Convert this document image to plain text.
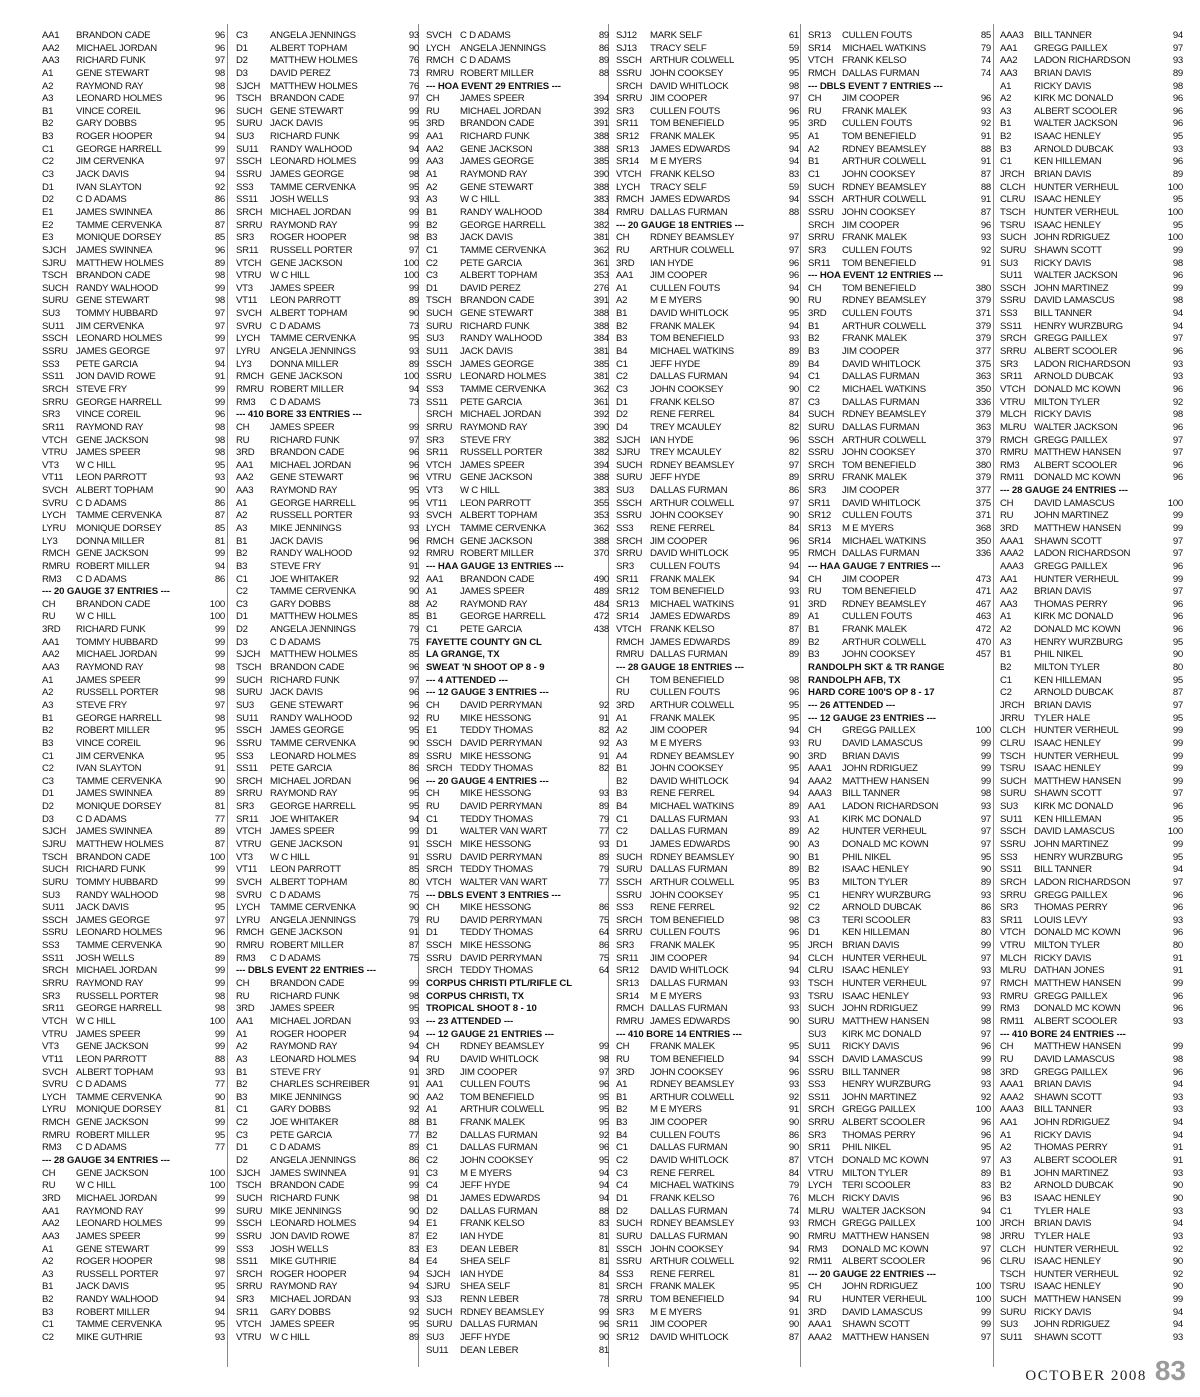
AA1	BRANDON CADE	96
AA2	MICHAEL JORDAN	96
AA3	RICHARD FUNK	97
A1	GENE STEWART	98
A2	RAYMOND RAY	98
A3	LEONARD HOLMES	96
B1	VINCE COREIL	96
B2	GARY DOBBS	95
B3	ROGER HOOPER	94
C1	GEORGE HARRELL	99
C2	JIM CERVENKA	97
C3	JACK DAVIS	94
D1	IVAN SLAYTON	92
D2	C D ADAMS	86
E1	JAMES SWINNEA	86
E2	TAMME CERVENKA	87
E3	MONIQUE DORSEY	85
SJCH	JAMES SWINNEA	96
SJRU	MATTHEW HOLMES	89
TSCH BRANDON CADE	98
SUCH RANDY WALHOOD	99
SURU GENE STEWART	98
SU3	TOMMY HUBBARD	97
SU11	JIM CERVENKA	97
SSCH LEONARD HOLMES	99
SSRU JAMES GEORGE	97
SS3	PETE GARCIA	94
SS11	JON DAVID ROWE	91
SRCH STEVE FRY	99
SRRU GEORGE HARRELL	99
SR3	VINCE COREIL	96
SR11	RAYMOND RAY	98
VTCH GENE JACKSON	98
VTRU JAMES SPEER	98
VT3	W C HILL	95
VT11	LEON PARROTT	93
SVCH ALBERT TOPHAM	90
SVRU C D ADAMS	86
LYCH	TAMME CERVENKA	87
LYRU	MONIQUE DORSEY	85
LY3	DONNA MILLER	81
RMCH GENE JACKSON	99
RMRU ROBERT MILLER	94
RM3	C D ADAMS	86
--- 20 GAUGE 37 ENTRIES ---
CH	BRANDON CADE	100
RU	W C HILL	100
3RD	RICHARD FUNK	99
AA1	TOMMY HUBBARD	99
AA2	MICHAEL JORDAN	99
AA3	RAYMOND RAY	98
A1	JAMES SPEER	99
A2	RUSSELL PORTER	98
A3	STEVE FRY	97
B1	GEORGE HARRELL	98
B2	ROBERT MILLER	95
B3	VINCE COREIL	96
C1	JIM CERVENKA	95
C2	IVAN SLAYTON	91
C3	TAMME CERVENKA	90
D1	JAMES SWINNEA	89
D2	MONIQUE DORSEY	81
D3	C D ADAMS	77
SJCH	JAMES SWINNEA	89
SJRU	MATTHEW HOLMES	87
TSCH BRANDON CADE	100
SUCH RICHARD FUNK	99
SURU TOMMY HUBBARD	99
SU3	RANDY WALHOOD	98
SU11	JACK DAVIS	95
SSCH JAMES GEORGE	97
SSRU LEONARD HOLMES	96
SS3	TAMME CERVENKA	90
SS11	JOSH WELLS	89
SRCH MICHAEL JORDAN	99
SRRU RAYMOND RAY	99
SR3	RUSSELL PORTER	98
SR11	GEORGE HARRELL	98
VTCH W C HILL	100
VTRU JAMES SPEER	99
VT3	GENE JACKSON	99
VT11	LEON PARROTT	88
SVCH ALBERT TOPHAM	93
SVRU C D ADAMS	77
LYCH	TAMME CERVENKA	90
LYRU	MONIQUE DORSEY	81
RMCH GENE JACKSON	99
RMRU ROBERT MILLER	95
RM3	C D ADAMS	77
--- 28 GAUGE 34 ENTRIES ---
CH	GENE JACKSON	100
RU	W C HILL	100
3RD	MICHAEL JORDAN	99
AA1	RAYMOND RAY	99
AA2	LEONARD HOLMES	99
AA3	JAMES SPEER	99
A1	GENE STEWART	99
A2	ROGER HOOPER	98
A3	RUSSELL PORTER	97
B1	JACK DAVIS	95
B2	RANDY WALHOOD	94
B3	ROBERT MILLER	94
C1	TAMME CERVENKA	95
C2	MIKE GUTHRIE	93
C3	ANGELA JENNINGS	93
D1	ALBERT TOPHAM	90
D2	MATTHEW HOLMES	76
D3	DAVID PEREZ	73
SJCH	MATTHEW HOLMES	76
TSCH BRANDON CADE	97
SUCH GENE STEWART	99
SURU JACK DAVIS	95
SU3	RICHARD FUNK	99
SU11	RANDY WALHOOD	94
SSCH LEONARD HOLMES	99
SSRU JAMES GEORGE	98
SS3	TAMME CERVENKA	95
SS11	JOSH WELLS	93
SRCH MICHAEL JORDAN	99
SRRU RAYMOND RAY	99
SR3	ROGER HOOPER	98
SR11	RUSSELL PORTER	97
VTCH GENE JACKSON	100
VTRU W C HILL	100
VT3	JAMES SPEER	99
VT11	LEON PARROTT	89
SVCH ALBERT TOPHAM	90
SVRU C D ADAMS	73
LYCH	TAMME CERVENKA	95
LYRU	ANGELA JENNINGS	93
LY3	DONNA MILLER	89
RMCH GENE JACKSON	100
RMRU ROBERT MILLER	94
RM3	C D ADAMS	73
--- 410 BORE 33 ENTRIES ---
CH	JAMES SPEER	99
RU	RICHARD FUNK	97
3RD	BRANDON CADE	96
AA1	MICHAEL JORDAN	96
AA2	GENE STEWART	96
AA3	RAYMOND RAY	95
A1	GEORGE HARRELL	95
A2	RUSSELL PORTER	93
A3	MIKE JENNINGS	93
B1	JACK DAVIS	96
B2	RANDY WALHOOD	92
B3	STEVE FRY	91
C1	JOE WHITAKER	92
C2	TAMME CERVENKA	90
C3	GARY DOBBS	88
D1	MATTHEW HOLMES	85
D2	ANGELA JENNINGS	79
D3	C D ADAMS	75
SJCH	MATTHEW HOLMES	85
TSCH BRANDON CADE	96
SUCH RICHARD FUNK	97
SURU JACK DAVIS	96
SU3	GENE STEWART	96
SU11	RANDY WALHOOD	92
SSCH JAMES GEORGE	95
SSRU TAMME CERVENKA	90
SS3	LEONARD HOLMES	89
SS11	PETE GARCIA	86
SRCH MICHAEL JORDAN	96
SRRU RAYMOND RAY	95
SR3	GEORGE HARRELL	95
SR11	JOE WHITAKER	94
VTCH JAMES SPEER	99
VTRU GENE JACKSON	91
VT3	W C HILL	91
VT11	LEON PARROTT	85
SVCH ALBERT TOPHAM	80
SVRU C D ADAMS	75
LYCH	TAMME CERVENKA	90
LYRU	ANGELA JENNINGS	79
RMCH GENE JACKSON	91
RMRU ROBERT MILLER	87
RM3	C D ADAMS	75
--- DBLS EVENT 22 ENTRIES ---
CH	BRANDON CADE	99
RU	RICHARD FUNK	98
3RD	JAMES SPEER	95
AA1	MICHAEL JORDAN	93
A1	ROGER HOOPER	94
A2	RAYMOND RAY	94
A3	LEONARD HOLMES	94
B1	STEVE FRY	91
B2	CHARLES SCHREIBER	91
B3	MIKE JENNINGS	90
C1	GARY DOBBS	92
C2	JOE WHITAKER	88
C3	PETE GARCIA	77
D1	C D ADAMS	89
D2	ANGELA JENNINGS	86
SJCH	JAMES SWINNEA	91
TSCH BRANDON CADE	99
SUCH RICHARD FUNK	98
SURU MIKE JENNINGS	90
SSCH LEONARD HOLMES	94
SSRU JON DAVID ROWE	87
SS3	JOSH WELLS	83
SS11	MIKE GUTHRIE	84
SRCH ROGER HOOPER	94
SRRU RAYMOND RAY	94
SR3	MICHAEL JORDAN	93
SR11	GARY DOBBS	92
VTCH JAMES SPEER	95
VTRU W C HILL	89
SVCH C D ADAMS	89
LYCH	ANGELA JENNINGS	86
RMCH C D ADAMS	89
RMRU ROBERT MILLER	88
--- HOA EVENT 29 ENTRIES ---
CH	JAMES SPEER	394
RU	MICHAEL JORDAN	392
3RD	BRANDON CADE	391
AA1	RICHARD FUNK	388
AA2	GENE JACKSON	388
AA3	JAMES GEORGE	385
A1	RAYMOND RAY	390
A2	GENE STEWART	388
A3	W C HILL	383
B1	RANDY WALHOOD	384
B2	GEORGE HARRELL	382
B3	JACK DAVIS	381
C1	TAMME CERVENKA	362
C2	PETE GARCIA	361
C3	ALBERT TOPHAM	353
D1	DAVID PEREZ	276
TSCH BRANDON CADE	391
SUCH GENE STEWART	388
SURU RICHARD FUNK	388
SU3	RANDY WALHOOD	384
SU11	JACK DAVIS	381
SSCH JAMES GEORGE	385
SSRU LEONARD HOLMES	381
SS3	TAMME CERVENKA	362
SS11	PETE GARCIA	361
SRCH MICHAEL JORDAN	392
SRRU RAYMOND RAY	390
SR3	STEVE FRY	382
SR11	RUSSELL PORTER	382
VTCH JAMES SPEER	394
VTRU GENE JACKSON	388
VT3	W C HILL	383
VT11	LEON PARROTT	355
SVCH ALBERT TOPHAM	353
LYCH	TAMME CERVENKA	362
RMCH GENE JACKSON	388
RMRU ROBERT MILLER	370
--- HAA GAUGE 13 ENTRIES ---
AA1	BRANDON CADE	490
A1	JAMES SPEER	489
A2	RAYMOND RAY	484
B1	GEORGE HARRELL	472
C1	PETE GARCIA	438
FAYETTE COUNTY GN CL
LA GRANGE, TX
SWEAT 'N SHOOT OP 8 - 9
--- 4 ATTENDED ---
--- 12 GAUGE 3 ENTRIES ---
CH	DAVID PERRYMAN	92
RU	MIKE HESSONG	91
E1	TEDDY THOMAS	82
SSCH DAVID PERRYMAN	92
SSRU MIKE HESSONG	91
SRCH TEDDY THOMAS	82
--- 20 GAUGE 4 ENTRIES ---
CH	MIKE HESSONG	93
RU	DAVID PERRYMAN	89
C1	TEDDY THOMAS	79
D1	WALTER VAN WART	77
SSCH MIKE HESSONG	93
SSRU DAVID PERRYMAN	89
SRCH TEDDY THOMAS	79
VTCH WALTER VAN WART	77
--- DBLS EVENT 3 ENTRIES ---
CH	MIKE HESSONG	86
RU	DAVID PERRYMAN	75
D1	TEDDY THOMAS	64
SSCH MIKE HESSONG	86
SSRU DAVID PERRYMAN	75
SRCH TEDDY THOMAS	64
CORPUS CHRISTI PTL/RIFLE CL
CORPUS CHRISTI, TX
TROPICAL SHOOT 8 - 10
--- 23 ATTENDED ---
--- 12 GAUGE 21 ENTRIES ---
CH	RDNEY BEAMSLEY	99
RU	DAVID WHITLOCK	98
3RD	JIM COOPER	97
AA1	CULLEN FOUTS	96
AA2	TOM BENEFIELD	95
A1	ARTHUR COLWELL	95
B1	FRANK MALEK	95
B2	DALLAS FURMAN	92
C1	DALLAS FURMAN	96
C2	JOHN COOKSEY	95
C3	M E MYERS	94
C4	JEFF HYDE	94
D1	JAMES EDWARDS	94
D2	DALLAS FURMAN	88
E1	FRANK KELSO	83
E2	IAN HYDE	81
E3	DEAN LEBER	81
E4	SHEA SELF	81
SJCH	IAN HYDE	84
SJRU	SHEA SELF	81
SJ3	RENN LEBER	78
SUCH RDNEY BEAMSLEY	99
SURU DALLAS FURMAN	96
SU3	JEFF HYDE	90
SU11	DEAN LEBER	81
SJ12	MARK SELF	61
SJ13	TRACY SELF	59
SSCH ARTHUR COLWELL	95
SSRU JOHN COOKSEY	95
SRCH DAVID WHITLOCK	98
SRRU JIM COOPER	97
SR3	CULLEN FOUTS	96
SR11	TOM BENEFIELD	95
SR12	FRANK MALEK	95
SR13	JAMES EDWARDS	94
SR14	M E MYERS	94
VTCH FRANK KELSO	83
LYCH	TRACY SELF	59
RMCH JAMES EDWARDS	94
RMRU DALLAS FURMAN	88
--- 20 GAUGE 18 ENTRIES ---
CH	RDNEY BEAMSLEY	97
RU	ARTHUR COLWELL	97
3RD	IAN HYDE	96
AA1	JIM COOPER	96
A1	CULLEN FOUTS	94
A2	M E MYERS	90
B1	DAVID WHITLOCK	95
B2	FRANK MALEK	94
B3	TOM BENEFIELD	93
B4	MICHAEL WATKINS	89
C1	JEFF HYDE	89
C2	DALLAS FURMAN	94
C3	JOHN COOKSEY	90
D1	FRANK KELSO	87
D2	RENE FERREL	84
D4	TREY MCAULEY	82
SJCH	IAN HYDE	96
SJRU	TREY MCAULEY	82
SUCH RDNEY BEAMSLEY	97
SURU JEFF HYDE	89
SU3	DALLAS FURMAN	86
SSCH ARTHUR COLWELL	97
SSRU JOHN COOKSEY	90
SS3	RENE FERREL	84
SRCH JIM COOPER	96
SRRU DAVID WHITLOCK	95
SR3	CULLEN FOUTS	94
SR11	FRANK MALEK	94
SR12	TOM BENEFIELD	93
SR13	MICHAEL WATKINS	91
SR14	JAMES EDWARDS	89
VTCH FRANK KELSO	87
RMCH JAMES EDWARDS	89
RMRU DALLAS FURMAN	89
--- 28 GAUGE 18 ENTRIES ---
CH	TOM BENEFIELD	98
RU	CULLEN FOUTS	96
3RD	ARTHUR COLWELL	95
A1	FRANK MALEK	95
A2	JIM COOPER	94
A3	M E MYERS	93
A4	RDNEY BEAMSLEY	90
B1	JOHN COOKSEY	95
B2	DAVID WHITLOCK	94
B3	RENE FERREL	94
B4	MICHAEL WATKINS	89
C1	DALLAS FURMAN	93
C2	DALLAS FURMAN	89
D1	JAMES EDWARDS	90
SUCH RDNEY BEAMSLEY	90
SURU DALLAS FURMAN	89
SSCH ARTHUR COLWELL	95
SSRU JOHN COOKSEY	95
SS3	RENE FERREL	92
SRCH TOM BENEFIELD	98
SRRU CULLEN FOUTS	96
SR3	FRANK MALEK	95
SR11	JIM COOPER	94
SR12	DAVID WHITLOCK	94
SR13	DALLAS FURMAN	93
SR14	M E MYERS	93
RMCH DALLAS FURMAN	93
RMRU JAMES EDWARDS	90
--- 410 BORE 14 ENTRIES ---
CH	FRANK MALEK	95
RU	TOM BENEFIELD	94
3RD	JOHN COOKSEY	96
A1	RDNEY BEAMSLEY	93
B1	ARTHUR COLWELL	92
B2	M E MYERS	91
B3	JIM COOPER	90
B4	CULLEN FOUTS	86
C1	DALLAS FURMAN	90
C2	DAVID WHITLOCK	87
C3	RENE FERREL	84
C4	MICHAEL WATKINS	79
D1	FRANK KELSO	76
D2	DALLAS FURMAN	74
SUCH RDNEY BEAMSLEY	93
SURU DALLAS FURMAN	90
SSCH JOHN COOKSEY	94
SSRU ARTHUR COLWELL	92
SS3	RENE FERREL	81
SRCH FRANK MALEK	95
SRRU TOM BENEFIELD	94
SR3	M E MYERS	91
SR11	JIM COOPER	90
SR12	DAVID WHITLOCK	87
SR13	CULLEN FOUTS	85
SR14	MICHAEL WATKINS	79
VTCH FRANK KELSO	74
RMCH DALLAS FURMAN	74
--- DBLS EVENT 7 ENTRIES ---
CH	JIM COOPER	96
RU	FRANK MALEK	93
3RD	CULLEN FOUTS	92
A1	TOM BENEFIELD	91
A2	RDNEY BEAMSLEY	88
B1	ARTHUR COLWELL	91
C1	JOHN COOKSEY	87
SUCH RDNEY BEAMSLEY	88
SSCH ARTHUR COLWELL	91
SSRU JOHN COOKSEY	87
SRCH JIM COOPER	96
SRRU FRANK MALEK	93
SR3	CULLEN FOUTS	92
SR11	TOM BENEFIELD	91
--- HOA EVENT 12 ENTRIES ---
CH	TOM BENEFIELD	380
RU	RDNEY BEAMSLEY	379
3RD	CULLEN FOUTS	371
B1	ARTHUR COLWELL	379
B2	FRANK MALEK	379
B3	JIM COOPER	377
B4	DAVID WHITLOCK	375
C1	DALLAS FURMAN	363
C2	MICHAEL WATKINS	350
C3	DALLAS FURMAN	336
SUCH RDNEY BEAMSLEY	379
SURU DALLAS FURMAN	363
SSCH ARTHUR COLWELL	379
SSRU JOHN COOKSEY	370
SRCH TOM BENEFIELD	380
SRRU FRANK MALEK	379
SR3	JIM COOPER	377
SR11	DAVID WHITLOCK	375
SR12	CULLEN FOUTS	371
SR13	M E MYERS	368
SR14	MICHAEL WATKINS	350
RMCH DALLAS FURMAN	336
--- HAA GAUGE 7 ENTRIES ---
CH	JIM COOPER	473
RU	TOM BENEFIELD	471
3RD	RDNEY BEAMSLEY	467
A1	CULLEN FOUTS	463
B1	FRANK MALEK	472
B2	ARTHUR COLWELL	470
B3	JOHN COOKSEY	457
RANDOLPH SKT & TR RANGE
RANDOLPH AFB, TX
HARD CORE 100'S OP 8 - 17
--- 26 ATTENDED ---
--- 12 GAUGE 23 ENTRIES ---
CH	GREGG PAILLEX	100
RU	DAVID LAMASCUS	99
3RD	BRIAN DAVIS	99
AAA1	JOHN RDRIGUEZ	99
AAA2	MATTHEW HANSEN	99
AAA3	BILL TANNER	98
AA1	LADON RICHARDSON	93
A1	KIRK MC DONALD	97
A2	HUNTER VERHEUL	97
A3	DONALD MC KOWN	97
B1	PHIL NIKEL	95
B2	ISAAC HENLEY	90
B3	MILTON TYLER	89
C1	HENRY WURZBURG	93
C2	ARNOLD DUBCAK	86
C3	TERI SCOOLER	83
D1	KEN HILLEMAN	80
JRCH BRIAN DAVIS	99
CLCH HUNTER VERHEUL	97
CLRU ISAAC HENLEY	93
TSCH HUNTER VERHEUL	97
TSRU ISAAC HENLEY	93
SUCH JOHN RDRIGUEZ	99
SURU MATTHEW HANSEN	98
SU3	KIRK MC DONALD	97
SU11	RICKY DAVIS	96
SSCH DAVID LAMASCUS	99
SSRU BILL TANNER	98
SS3	HENRY WURZBURG	93
SS11	JOHN MARTINEZ	92
SRCH GREGG PAILLEX	100
SRRU ALBERT SCOOLER	96
SR3	THOMAS PERRY	96
SR11	PHIL NIKEL	95
VTCH DONALD MC KOWN	97
VTRU MILTON TYLER	89
LYCH	TERI SCOOLER	83
MLCH RICKY DAVIS	96
MLRU WALTER JACKSON	94
RMCH GREGG PAILLEX	100
RMRU MATTHEW HANSEN	98
RM3	DONALD MC KOWN	97
RM11	ALBERT SCOOLER	96
--- 20 GAUGE 22 ENTRIES ---
CH	JOHN RDRIGUEZ	100
RU	HUNTER VERHEUL	100
3RD	DAVID LAMASCUS	99
AAA1	SHAWN SCOTT	99
AAA2	MATTHEW HANSEN	97
AAA3	BILL TANNER	94
AA1	GREGG PAILLEX	97
AA2	LADON RICHARDSON	93
AA3	BRIAN DAVIS	89
A1	RICKY DAVIS	98
A2	KIRK MC DONALD	96
A3	ALBERT SCOOLER	96
B1	WALTER JACKSON	96
B2	ISAAC HENLEY	95
B3	ARNOLD DUBCAK	93
C1	KEN HILLEMAN	96
JRCH BRIAN DAVIS	89
CLCH HUNTER VERHEUL	100
CLRU ISAAC HENLEY	95
TSCH HUNTER VERHEUL	100
TSRU ISAAC HENLEY	95
SUCH JOHN RDRIGUEZ	100
SURU SHAWN SCOTT	99
SU3	RICKY DAVIS	98
SU11	WALTER JACKSON	96
SSCH JOHN MARTINEZ	99
SSRU DAVID LAMASCUS	98
SS3	BILL TANNER	94
SS11	HENRY WURZBURG	94
SRCH GREGG PAILLEX	97
SRRU ALBERT SCOOLER	96
SR3	LADON RICHARDSON	93
SR11	ARNOLD DUBCAK	93
VTCH DONALD MC KOWN	96
VTRU MILTON TYLER	92
MLCH RICKY DAVIS	98
MLRU WALTER JACKSON	96
RMCH GREGG PAILLEX	97
RMRU MATTHEW HANSEN	97
RM3	ALBERT SCOOLER	96
RM11	DONALD MC KOWN	96
--- 28 GAUGE 24 ENTRIES ---
CH	DAVID LAMASCUS	100
RU	JOHN MARTINEZ	99
3RD	MATTHEW HANSEN	99
AAA1	SHAWN SCOTT	97
AAA2	LADON RICHARDSON	97
AAA3	GREGG PAILLEX	96
AA1	HUNTER VERHEUL	99
AA2	BRIAN DAVIS	97
AA3	THOMAS PERRY	96
A1	KIRK MC DONALD	96
A2	DONALD MC KOWN	96
A3	HENRY WURZBURG	95
B1	PHIL NIKEL	90
B2	MILTON TYLER	80
C1	KEN HILLEMAN	95
C2	ARNOLD DUBCAK	87
JRCH BRIAN DAVIS	97
JRRU TYLER HALE	95
CLCH HUNTER VERHEUL	99
CLRU ISAAC HENLEY	99
TSCH HUNTER VERHEUL	99
TSRU ISAAC HENLEY	99
SUCH MATTHEW HANSEN	99
SURU SHAWN SCOTT	97
SU3	KIRK MC DONALD	96
SU11	KEN HILLEMAN	95
SSCH DAVID LAMASCUS	100
SSRU JOHN MARTINEZ	99
SS3	HENRY WURZBURG	95
SS11	BILL TANNER	94
SRCH LADON RICHARDSON	97
SRRU GREGG PAILLEX	96
SR3	THOMAS PERRY	96
SR11	LOUIS LEVY	93
VTCH DONALD MC KOWN	96
VTRU MILTON TYLER	80
MLCH RICKY DAVIS	91
MLRU DATHAN JONES	91
RMCH MATTHEW HANSEN	99
RMRU GREGG PAILLEX	96
RM3	DONALD MC KOWN	96
RM11	ALBERT SCOOLER	93
--- 410 BORE 24 ENTRIES ---
CH	MATTHEW HANSEN	99
RU	DAVID LAMASCUS	98
3RD	GREGG PAILLEX	96
AAA1	BRIAN DAVIS	94
AAA2	SHAWN SCOTT	93
AAA3	BILL TANNER	93
AA1	JOHN RDRIGUEZ	94
A1	RICKY DAVIS	94
A2	THOMAS PERRY	91
A3	ALBERT SCOOLER	91
B1	JOHN MARTINEZ	93
B2	ARNOLD DUBCAK	90
B3	ISAAC HENLEY	90
C1	TYLER HALE	93
JRCH BRIAN DAVIS	94
JRRU TYLER HALE	93
CLCH HUNTER VERHEUL	92
CLRU ISAAC HENLEY	90
TSCH HUNTER VERHEUL	92
TSRU ISAAC HENLEY	90
SUCH MATTHEW HANSEN	99
SURU RICKY DAVIS	94
SU3	JOHN RDRIGUEZ	94
SU11	SHAWN SCOTT	93
OCTOBER 2008 83
